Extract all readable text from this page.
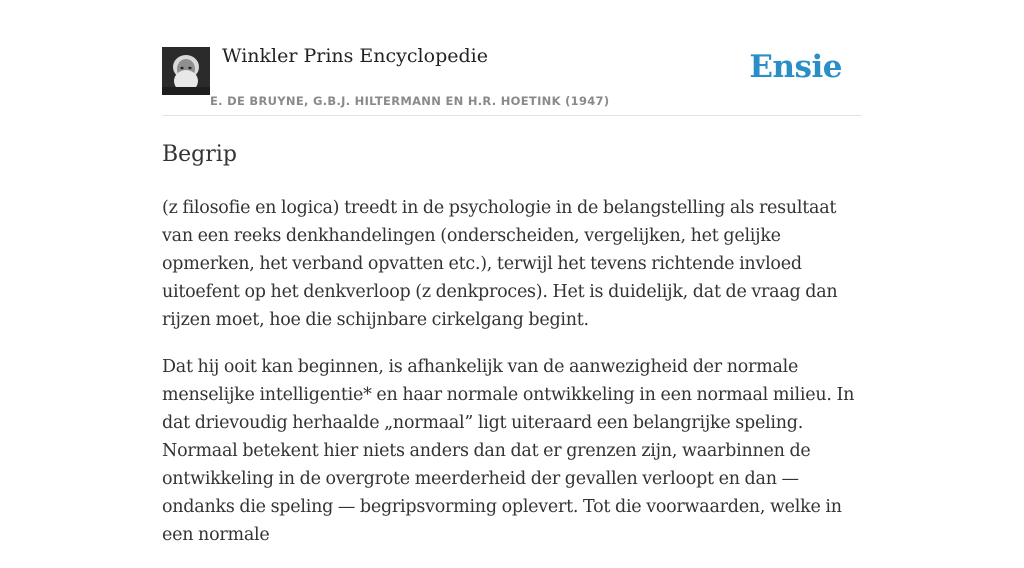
Winkler Prins Encyclopedie
E. DE BRUYNE, G.B.J. HILTERMANN EN H.R. HOETINK (1947)
Ensie
Begrip

(z filosofie en logica) treedt in de psychologie in de belangstelling als resultaat van een reeks denkhandelingen (onderscheiden, vergelijken, het gelijke opmerken, het verband opvatten etc.), terwijl het tevens richtende invloed uitoefent op het denkverloop (z denkproces). Het is duidelijk, dat de vraag dan rijzen moet, hoe die schijnbare cirkelgang begint.

Dat hij ooit kan beginnen, is afhankelijk van de aanwezigheid der normale menselijke intelligentie* en haar normale ontwikkeling in een normaal milieu. In dat drievoudig herhaalde „normaal” ligt uiteraard een belangrijke speling. Normaal betekent hier niets anders dan dat er grenzen zijn, waarbinnen de ontwikkeling in de overgrote meerderheid der gevallen verloopt en dan — ondanks die speling — begripsvorming oplevert. Tot die voorwaarden, welke in een normale
